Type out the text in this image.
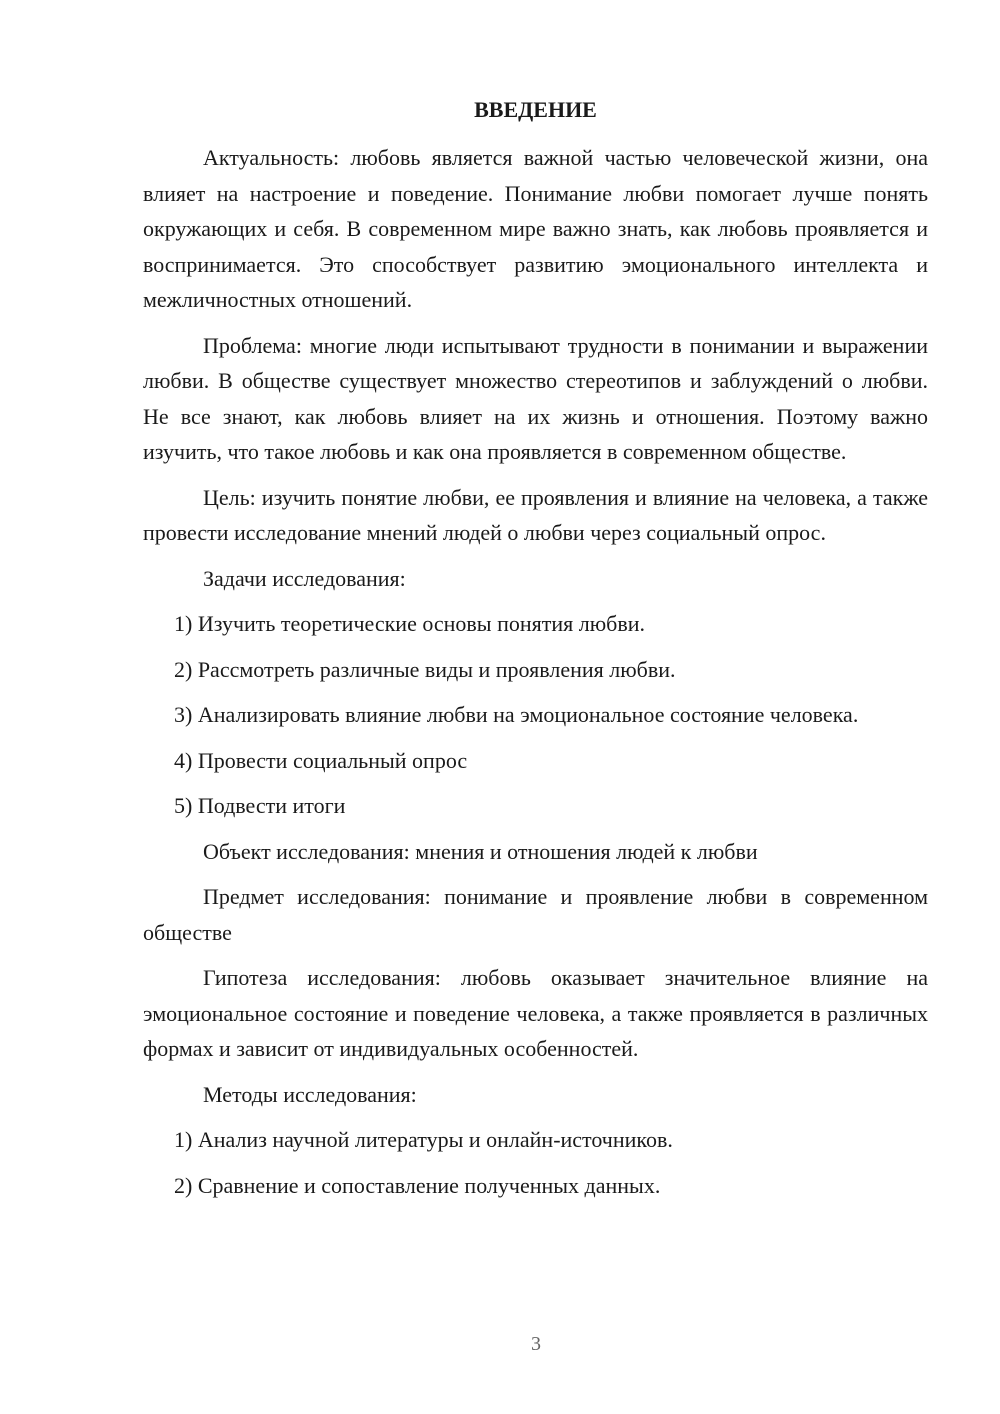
ВВЕДЕНИЕ

Актуальность: любовь является важной частью человеческой жизни, она влияет на настроение и поведение. Понимание любви помогает лучше понять окружающих и себя. В современном мире важно знать, как любовь проявляется и воспринимается. Это способствует развитию эмоционального интеллекта и межличностных отношений.

Проблема: многие люди испытывают трудности в понимании и выражении любви. В обществе существует множество стереотипов и заблуждений о любви. Не все знают, как любовь влияет на их жизнь и отношения. Поэтому важно изучить, что такое любовь и как она проявляется в современном обществе.

Цель: изучить понятие любви, ее проявления и влияние на человека, а также провести исследование мнений людей о любви через социальный опрос.

Задачи исследования:

1) Изучить теоретические основы понятия любви.

2) Рассмотреть различные виды и проявления любви.

3) Анализировать влияние любви на эмоциональное состояние человека.

4) Провести социальный опрос

5) Подвести итоги

Объект исследования: мнения и отношения людей к любви

Предмет исследования: понимание и проявление любви в современном обществе

Гипотеза исследования: любовь оказывает значительное влияние на эмоциональное состояние и поведение человека, а также проявляется в различных формах и зависит от индивидуальных особенностей.

Методы исследования:

1) Анализ научной литературы и онлайн-источников.

2) Сравнение и сопоставление полученных данных.

3
